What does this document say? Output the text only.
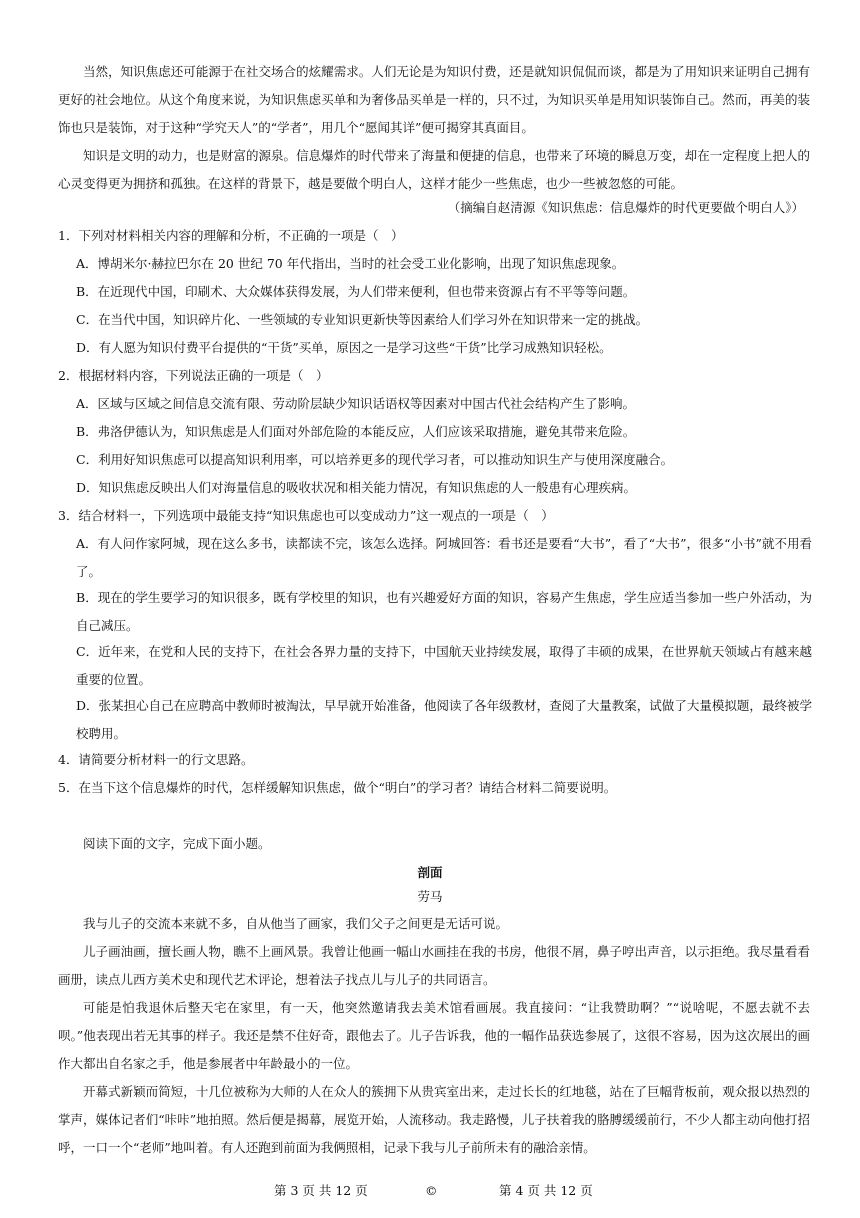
当然，知识焦虑还可能源于在社交场合的炫耀需求。人们无论是为知识付费，还是就知识侃侃而谈，都是为了用知识来证明自己拥有更好的社会地位。从这个角度来说，为知识焦虑买单和为奢侈品买单是一样的，只不过，为知识买单是用知识装饰自己。然而，再美的装饰也只是装饰，对于这种“学究天人”的“学者”，用几个“愿闻其详”便可揭穿其真面目。

知识是文明的动力，也是财富的源泉。信息爆炸的时代带来了海量和便捷的信息，也带来了环境的瞬息万变，却在一定程度上把人的心灵变得更为拥挤和孤独。在这样的背景下，越是要做个明白人，这样才能少一些焦虑，也少一些被忽悠的可能。

（摘编自赵清源《知识焦虑：信息爆炸的时代更要做个明白人》）

1．下列对材料相关内容的理解和分析，不正确的一项是（　）

A．博胡米尔·赫拉巴尔在 20 世纪 70 年代指出，当时的社会受工业化影响，出现了知识焦虑现象。

B．在近现代中国，印刷术、大众媒体获得发展，为人们带来便利，但也带来资源占有不平等等问题。

C．在当代中国，知识碎片化、一些领域的专业知识更新快等因素给人们学习外在知识带来一定的挑战。

D．有人愿为知识付费平台提供的“干货”买单，原因之一是学习这些“干货”比学习成熟知识轻松。

2．根据材料内容，下列说法正确的一项是（　）

A．区域与区域之间信息交流有限、劳动阶层缺少知识话语权等因素对中国古代社会结构产生了影响。

B．弗洛伊德认为，知识焦虑是人们面对外部危险的本能反应，人们应该采取措施，避免其带来危险。

C．利用好知识焦虑可以提高知识利用率，可以培养更多的现代学习者，可以推动知识生产与使用深度融合。

D．知识焦虑反映出人们对海量信息的吸收状况和相关能力情况，有知识焦虑的人一般患有心理疾病。

3．结合材料一，下列选项中最能支持“知识焦虑也可以变成动力”这一观点的一项是（　）

A．有人问作家阿城，现在这么多书，读都读不完，该怎么选择。阿城回答：看书还是要看“大书”，看了“大书”，很多“小书”就不用看了。

B．现在的学生要学习的知识很多，既有学校里的知识，也有兴趣爱好方面的知识，容易产生焦虑，学生应适当参加一些户外活动，为自己减压。

C．近年来，在党和人民的支持下，在社会各界力量的支持下，中国航天业持续发展，取得了丰硕的成果，在世界航天领域占有越来越重要的位置。

D．张某担心自己在应聘高中教师时被淘汰，早早就开始准备，他阅读了各年级教材，查阅了大量教案，试做了大量模拟题，最终被学校聘用。

4．请简要分析材料一的行文思路。

5．在当下这个信息爆炸的时代，怎样缓解知识焦虑，做个“明白”的学习者？请结合材料二简要说明。

阅读下面的文字，完成下面小题。

剖面
劳马

我与儿子的交流本来就不多，自从他当了画家，我们父子之间更是无话可说。

儿子画油画，擅长画人物，瞧不上画风景。我曾让他画一幅山水画挂在我的书房，他很不屑，鼻子哼出声音，以示拒绝。我尽量看看画册，读点儿西方美术史和现代艺术评论，想着法子找点儿与儿子的共同语言。

可能是怕我退休后整天宅在家里，有一天，他突然邀请我去美术馆看画展。我直接问：“让我赞助啊？”“说啥呢，不愿去就不去呗。”他表现出若无其事的样子。我还是禁不住好奇，跟他去了。儿子告诉我，他的一幅作品获选参展了，这很不容易，因为这次展出的画作大都出自名家之手，他是参展者中年龄最小的一位。

开幕式新颖而简短，十几位被称为大师的人在众人的簇拥下从贵宾室出来，走过长长的红地毯，站在了巨幅背板前，观众报以热烈的掌声，媒体记者们“咔咔”地拍照。然后便是揭幕，展览开始，人流移动。我走路慢，儿子扶着我的胳膊缓缓前行，不少人都主动向他打招呼，一口一个“老师”地叫着。有人还跑到前面为我俩照相，记录下我与儿子前所未有的融洽亲情。

第 3 页 共 12 页	©	第 4 页 共 12 页
